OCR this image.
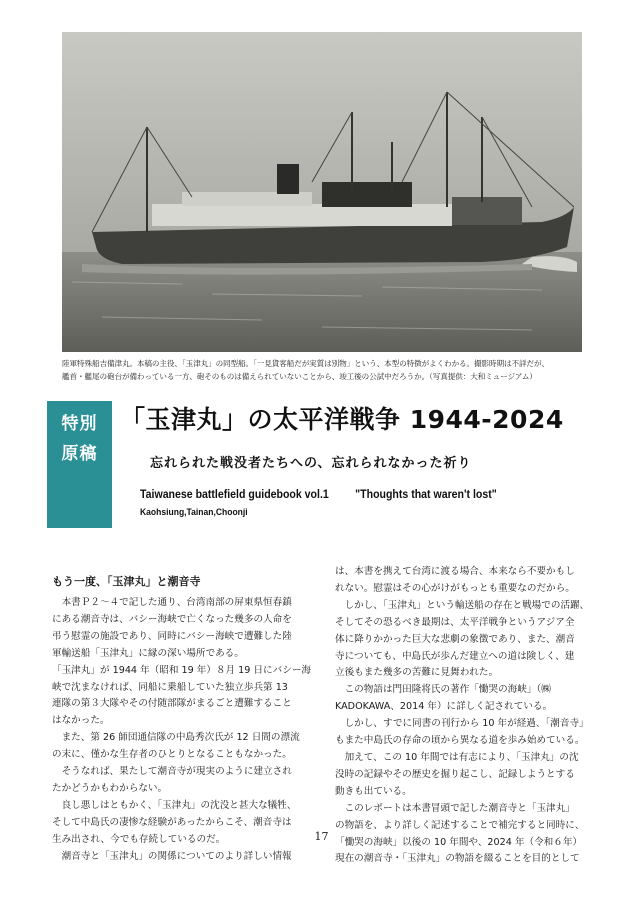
陸軍特殊船吉備津丸。本稿の主役、「玉津丸」の同型船。「一見貨客船だが実質は別物」という、本型の特徴がよくわかる。撮影時期は不詳だが、
艦首・艦尾の砲台が備わっている一方、砲そのものは備えられていないことから、竣工後の公試中だろうか。（写真提供：大和ミュージアム）
特別
原稿
「玉津丸」の太平洋戦争 1944-2024
忘れられた戦没者たちへの、忘れられなかった祈り
Taiwanese battlefield guidebook vol.1 "Thoughts that waren't lost"
Kaohsiung,Tainan,Choonji
もう一度、「玉津丸」と潮音寺
　本書Ｐ２～４で記した通り、台湾南部の屏東県恒春鎮
にある潮音寺は、バシー海峡で亡くなった幾多の人命を
弔う慰霊の施設であり、同時にバシー海峡で遭難した陸
軍輸送船「玉津丸」に縁の深い場所である。
「玉津丸」が 1944 年（昭和 19 年）８月 19 日にバシー海
峡で沈まなければ、同船に乗船していた独立歩兵第 13
連隊の第３大隊やその付随部隊がまるごと遭難すること
はなかった。
　また、第 26 師団通信隊の中島秀次氏が 12 日間の漂流
の末に、僅かな生存者のひとりとなることもなかった。
　そうなれば、果たして潮音寺が現実のように建立され
たかどうかもわからない。
　良し悪しはともかく、「玉津丸」の沈没と甚大な犠牲、
そして中島氏の凄惨な経験があったからこそ、潮音寺は
生み出され、今でも存続しているのだ。
　潮音寺と「玉津丸」の関係についてのより詳しい情報
は、本書を携えて台湾に渡る場合、本来なら不要かもし
れない。慰霊はその心がけがもっとも重要なのだから。
　しかし、「玉津丸」という輸送船の存在と戦場での活躍、
そしてその恐るべき最期は、太平洋戦争というアジア全
体に降りかかった巨大な悲劇の象徴であり、また、潮音
寺についても、中島氏が歩んだ建立への道は険しく、建
立後もまた幾多の苦難に見舞われた。
　この物語は門田隆将氏の著作「慟哭の海峡」（㈱
KADOKAWA、2014 年）に詳しく記されている。
　しかし、すでに同書の刊行から 10 年が経過、「潮音寺」
もまた中島氏の存命の頃から異なる道を歩み始めている。
　加えて、この 10 年間では有志により、「玉津丸」の沈
没時の記録やその歴史を掘り起こし、記録しようとする
動きも出ている。
　このレポートは本書冒頭で記した潮音寺と「玉津丸」
の物語を、より詳しく記述することで補完すると同時に、
「慟哭の海峡」以後の 10 年間や、2024 年（令和６年）
現在の潮音寺・「玉津丸」の物語を綴ることを目的として
17
